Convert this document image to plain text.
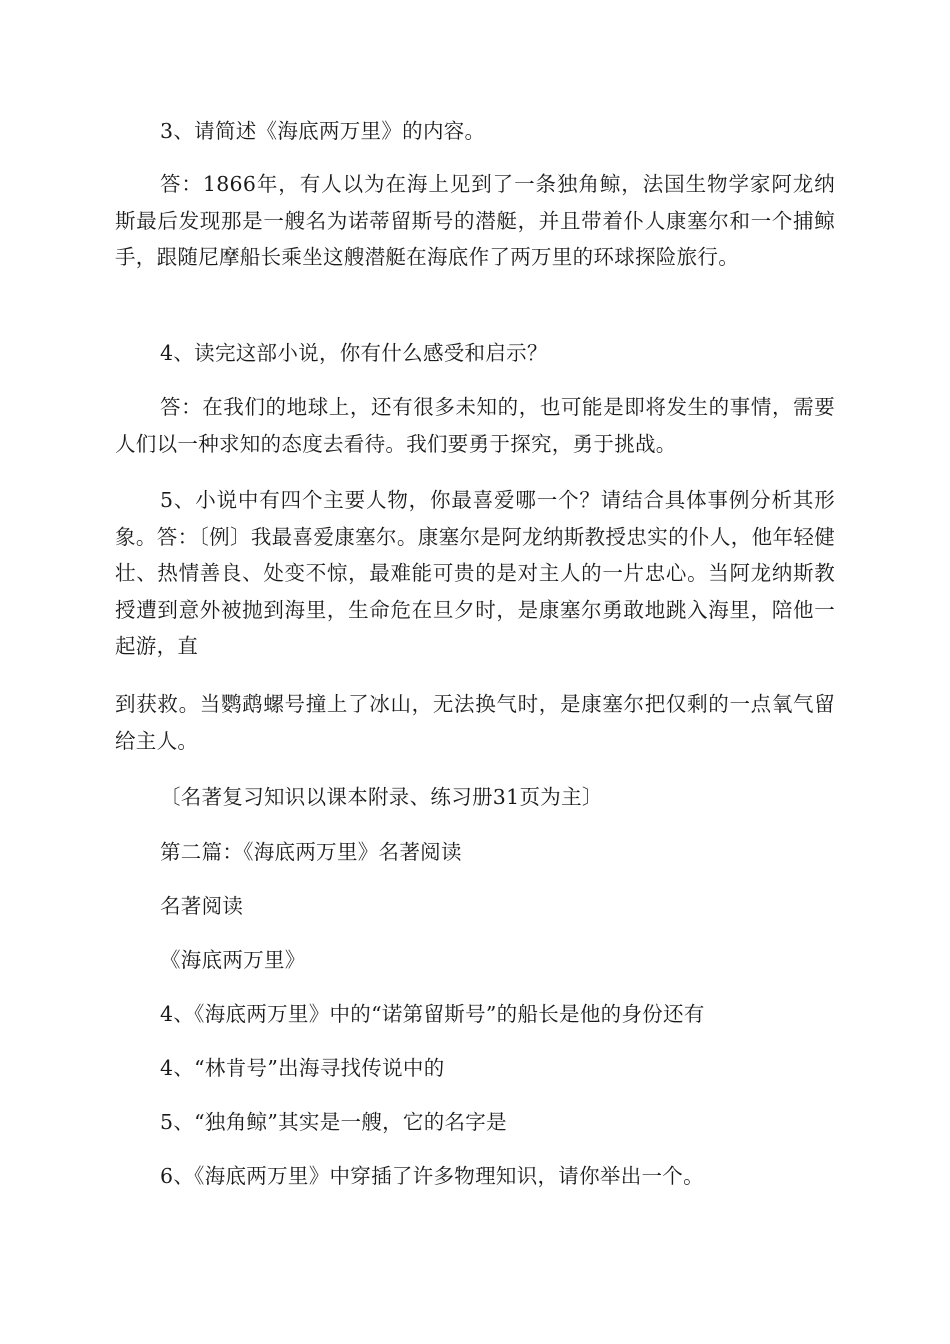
3、请简述《海底两万里》的内容。

答：1866年，有人以为在海上见到了一条独角鲸，法国生物学家阿龙纳斯最后发现那是一艘名为诺蒂留斯号的潜艇，并且带着仆人康塞尔和一个捕鲸手，跟随尼摩船长乘坐这艘潜艇在海底作了两万里的环球探险旅行。

4、读完这部小说，你有什么感受和启示？

答：在我们的地球上，还有很多未知的，也可能是即将发生的事情，需要人们以一种求知的态度去看待。我们要勇于探究，勇于挑战。

5、小说中有四个主要人物，你最喜爱哪一个？请结合具体事例分析其形象。答：〔例〕我最喜爱康塞尔。康塞尔是阿龙纳斯教授忠实的仆人，他年轻健壮、热情善良、处变不惊，最难能可贵的是对主人的一片忠心。当阿龙纳斯教授遭到意外被抛到海里，生命危在旦夕时，是康塞尔勇敢地跳入海里，陪他一起游，直

到获救。当鹦鹉螺号撞上了冰山，无法换气时，是康塞尔把仅剩的一点氧气留给主人。

〔名著复习知识以课本附录、练习册31页为主〕

第二篇：《海底两万里》名著阅读

名著阅读

《海底两万里》

4、《海底两万里》中的“诺第留斯号”的船长是他的身份还有

4、“林肯号”出海寻找传说中的

5、“独角鲸”其实是一艘，它的名字是

6、《海底两万里》中穿插了许多物理知识，请你举出一个。
